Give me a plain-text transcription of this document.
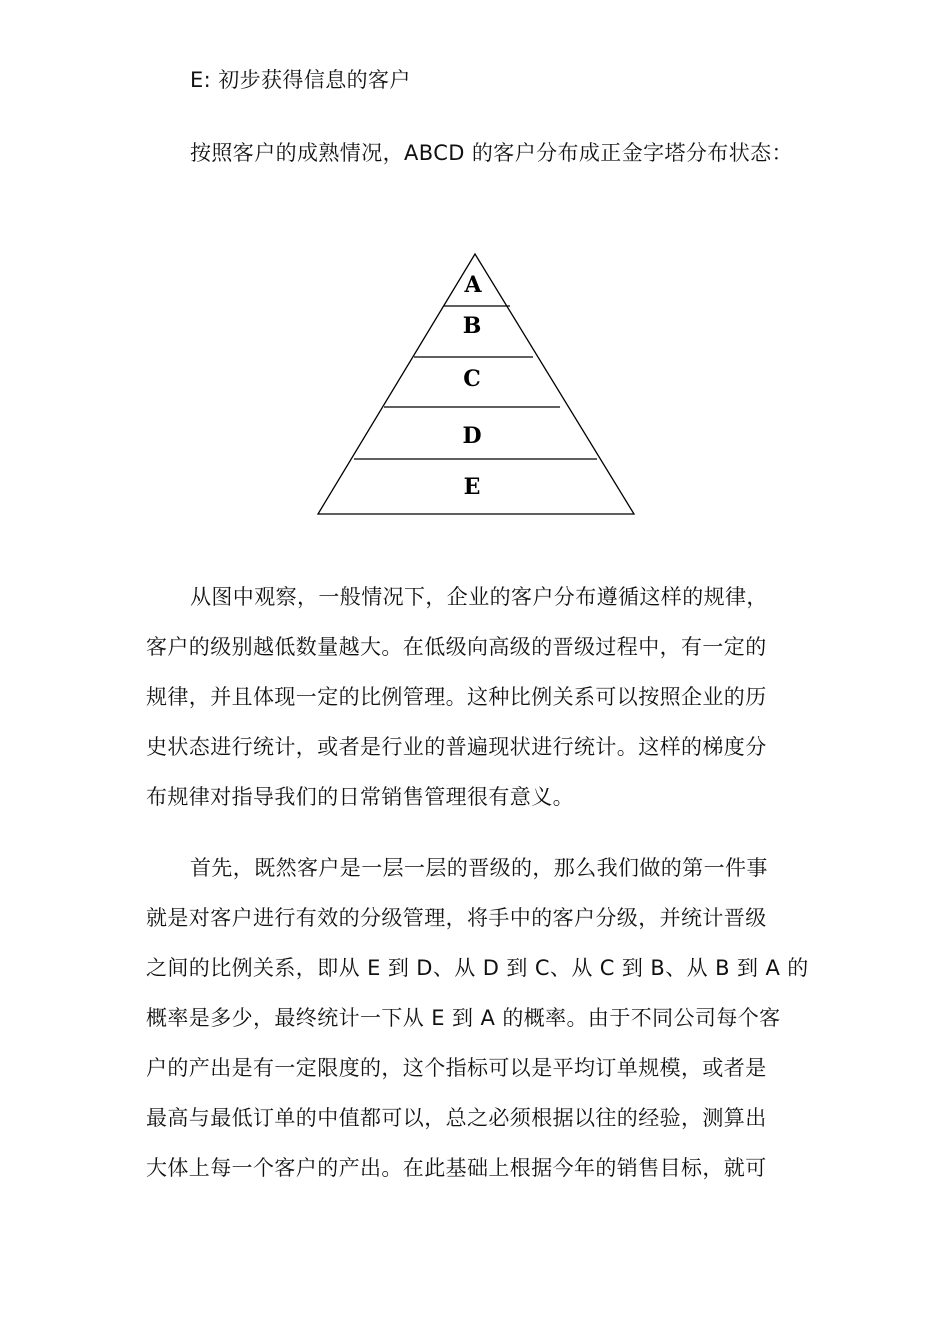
E: 初步获得信息的客户
按照客户的成熟情况，ABCD 的客户分布成正金字塔分布状态：
A
B
C
D
E
从图中观察，一般情况下，企业的客户分布遵循这样的规律，
客户的级别越低数量越大。在低级向高级的晋级过程中，有一定的
规律，并且体现一定的比例管理。这种比例关系可以按照企业的历
史状态进行统计，或者是行业的普遍现状进行统计。这样的梯度分
布规律对指导我们的日常销售管理很有意义。
首先，既然客户是一层一层的晋级的，那么我们做的第一件事
就是对客户进行有效的分级管理，将手中的客户分级，并统计晋级
之间的比例关系，即从 E 到 D、从 D 到 C、从 C 到 B、从 B 到 A 的
概率是多少，最终统计一下从 E 到 A 的概率。由于不同公司每个客
户的产出是有一定限度的，这个指标可以是平均订单规模，或者是
最高与最低订单的中值都可以，总之必须根据以往的经验，测算出
大体上每一个客户的产出。在此基础上根据今年的销售目标，就可
